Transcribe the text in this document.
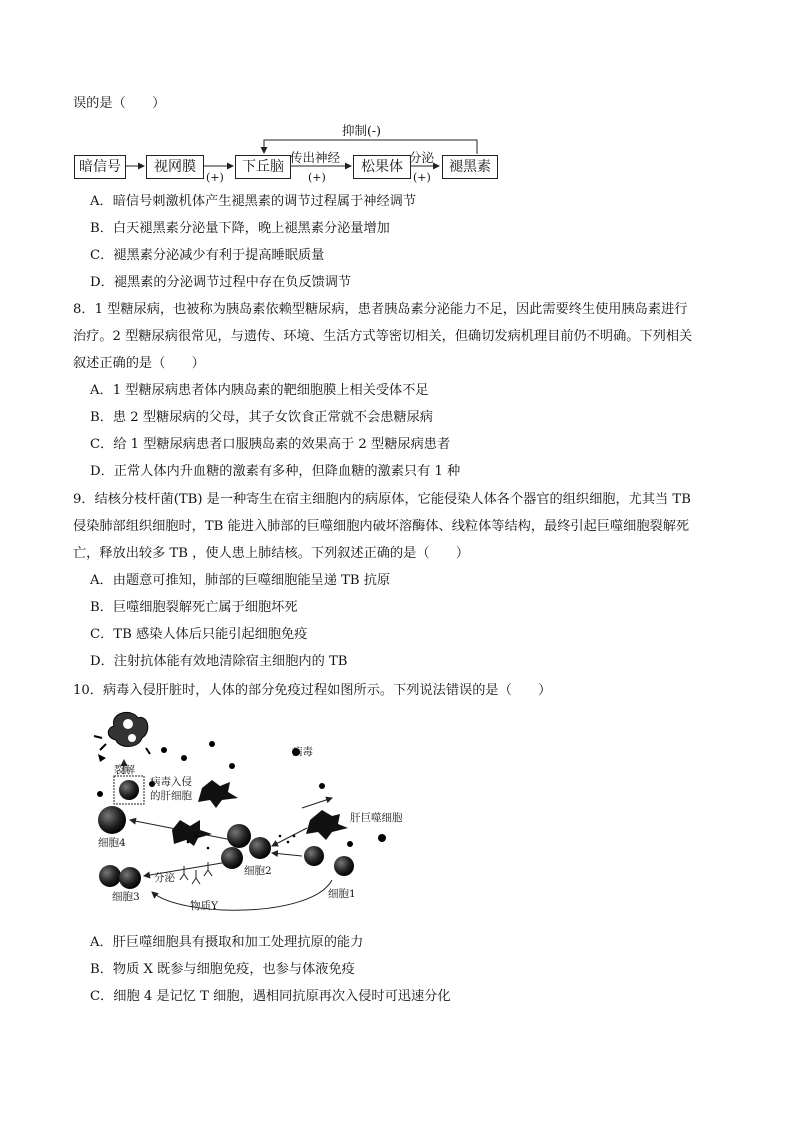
误的是（　　）
暗信号	视网膜	下丘脑	松果体	褪黑素
抑制(-)
传出神经	分泌
(+)	(+)	(+)
A．暗信号刺激机体产生褪黑素的调节过程属于神经调节
B．白天褪黑素分泌量下降，晚上褪黑素分泌量增加
C．褪黑素分泌减少有利于提高睡眠质量
D．褪黑素的分泌调节过程中存在负反馈调节
8．1 型糖尿病，也被称为胰岛素依赖型糖尿病，患者胰岛素分泌能力不足，因此需要终生使用胰岛素进行
治疗。2 型糖尿病很常见，与遗传、环境、生活方式等密切相关，但确切发病机理目前仍不明确。下列相关
叙述正确的是（　　）
A．1 型糖尿病患者体内胰岛素的靶细胞膜上相关受体不足
B．患 2 型糖尿病的父母，其子女饮食正常就不会患糖尿病
C．给 1 型糖尿病患者口服胰岛素的效果高于 2 型糖尿病患者
D．正常人体内升血糖的激素有多种，但降血糖的激素只有 1 种
9．结核分枝杆菌(TB) 是一种寄生在宿主细胞内的病原体，它能侵染人体各个器官的组织细胞，尤其当 TB
侵染肺部组织细胞时，TB 能进入肺部的巨噬细胞内破坏溶酶体、线粒体等结构，最终引起巨噬细胞裂解死
亡，释放出较多 TB ，使人患上肺结核。下列叙述正确的是（　　）
A．由题意可推知，肺部的巨噬细胞能呈递 TB 抗原
B．巨噬细胞裂解死亡属于细胞坏死
C．TB 感染人体后只能引起细胞免疫
D．注射抗体能有效地清除宿主细胞内的 TB
10．病毒入侵肝脏时，人体的部分免疫过程如图所示。下列说法错误的是（　　）
病毒
裂解
病毒入侵
的肝细胞
肝巨噬细胞
细胞4
细胞3
细胞2
细胞1
分泌
物质Y
A．肝巨噬细胞具有摄取和加工处理抗原的能力
B．物质 X 既参与细胞免疫，也参与体液免疫
C．细胞 4 是记忆 T 细胞，遇相同抗原再次入侵时可迅速分化
